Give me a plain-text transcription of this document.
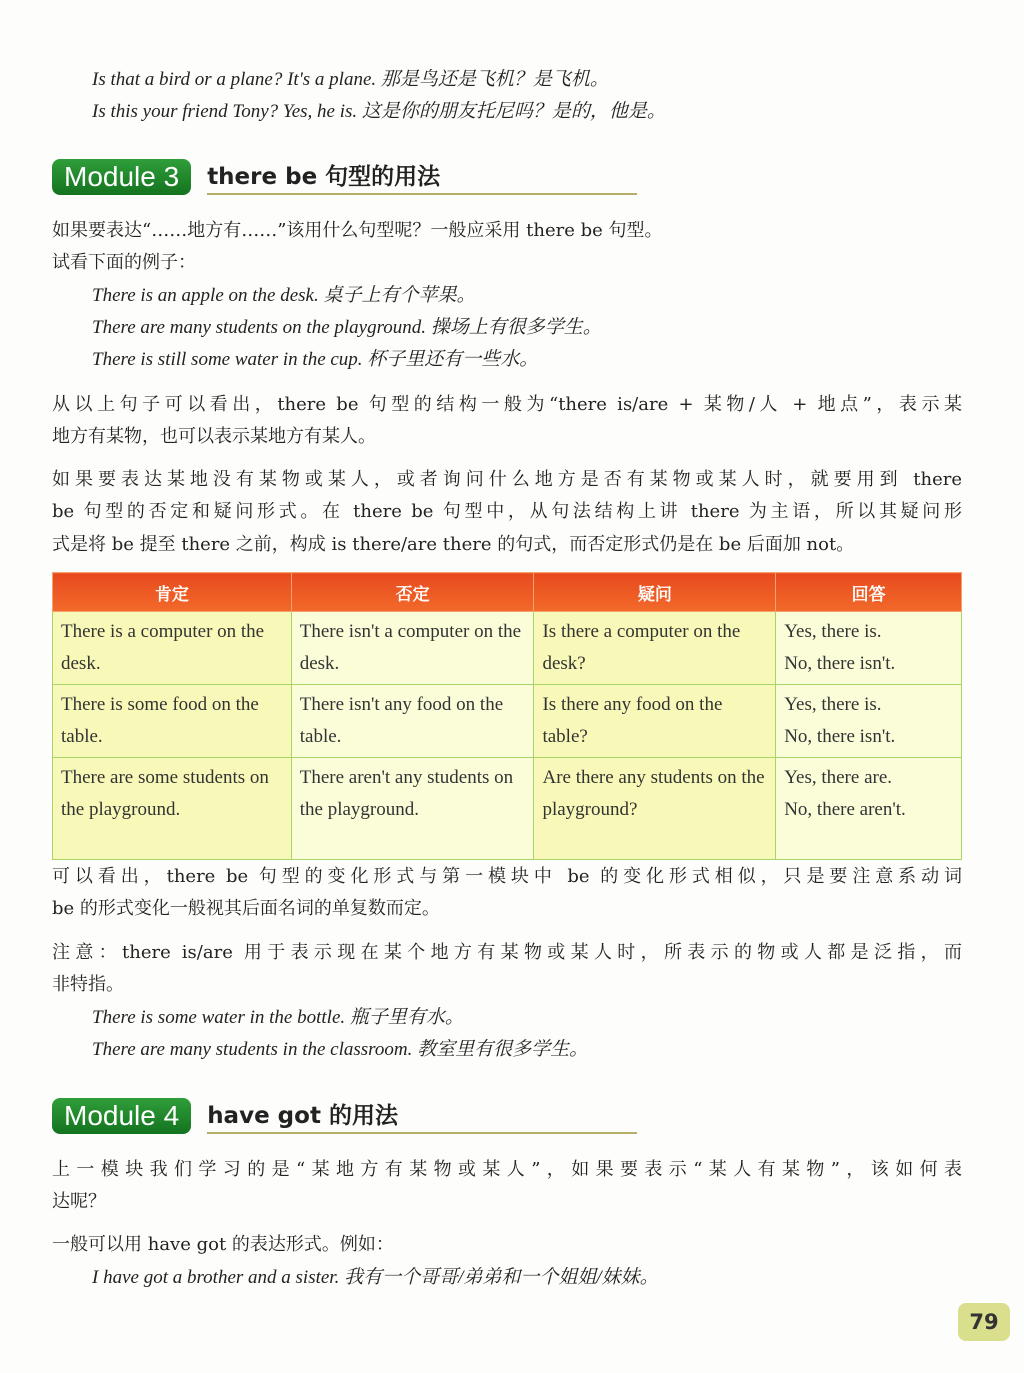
Is that a bird or a plane? It's a plane. 那是鸟还是飞机？是飞机。
Is this your friend Tony? Yes, he is. 这是你的朋友托尼吗？是的，他是。
Module 3	there be 句型的用法
如果要表达“……地方有……”该用什么句型呢？一般应采用 there be 句型。
试看下面的例子：
There is an apple on the desk. 桌子上有个苹果。
There are many students on the playground. 操场上有很多学生。
There is still some water in the cup. 杯子里还有一些水。
从以上句子可以看出，there be 句型的结构一般为“there is/are + 某物/人 + 地点”，表示某
地方有某物，也可以表示某地方有某人。
如果要表达某地没有某物或某人，或者询问什么地方是否有某物或某人时，就要用到 there
be 句型的否定和疑问形式。在 there be 句型中，从句法结构上讲 there 为主语，所以其疑问形
式是将 be 提至 there 之前，构成 is there/are there 的句式，而否定形式仍是在 be 后面加 not。
肯定	否定	疑问	回答
There is a computer on the desk.	There isn't a computer on the desk.	Is there a computer on the desk?	Yes, there is.
No, there isn't.
There is some food on the table.	There isn't any food on the table.	Is there any food on the table?	Yes, there is.
No, there isn't.
There are some students on the playground.	There aren't any students on the playground.	Are there any students on the playground?	Yes, there are.
No, there aren't.
可以看出，there be 句型的变化形式与第一模块中 be 的变化形式相似，只是要注意系动词
be 的形式变化一般视其后面名词的单复数而定。
注意：there is/are 用于表示现在某个地方有某物或某人时，所表示的物或人都是泛指，而
非特指。
There is some water in the bottle. 瓶子里有水。
There are many students in the classroom. 教室里有很多学生。
Module 4	have got 的用法
上一模块我们学习的是“某地方有某物或某人”，如果要表示“某人有某物”，该如何表
达呢？
一般可以用 have got 的表达形式。例如：
I have got a brother and a sister. 我有一个哥哥/弟弟和一个姐姐/妹妹。
79
